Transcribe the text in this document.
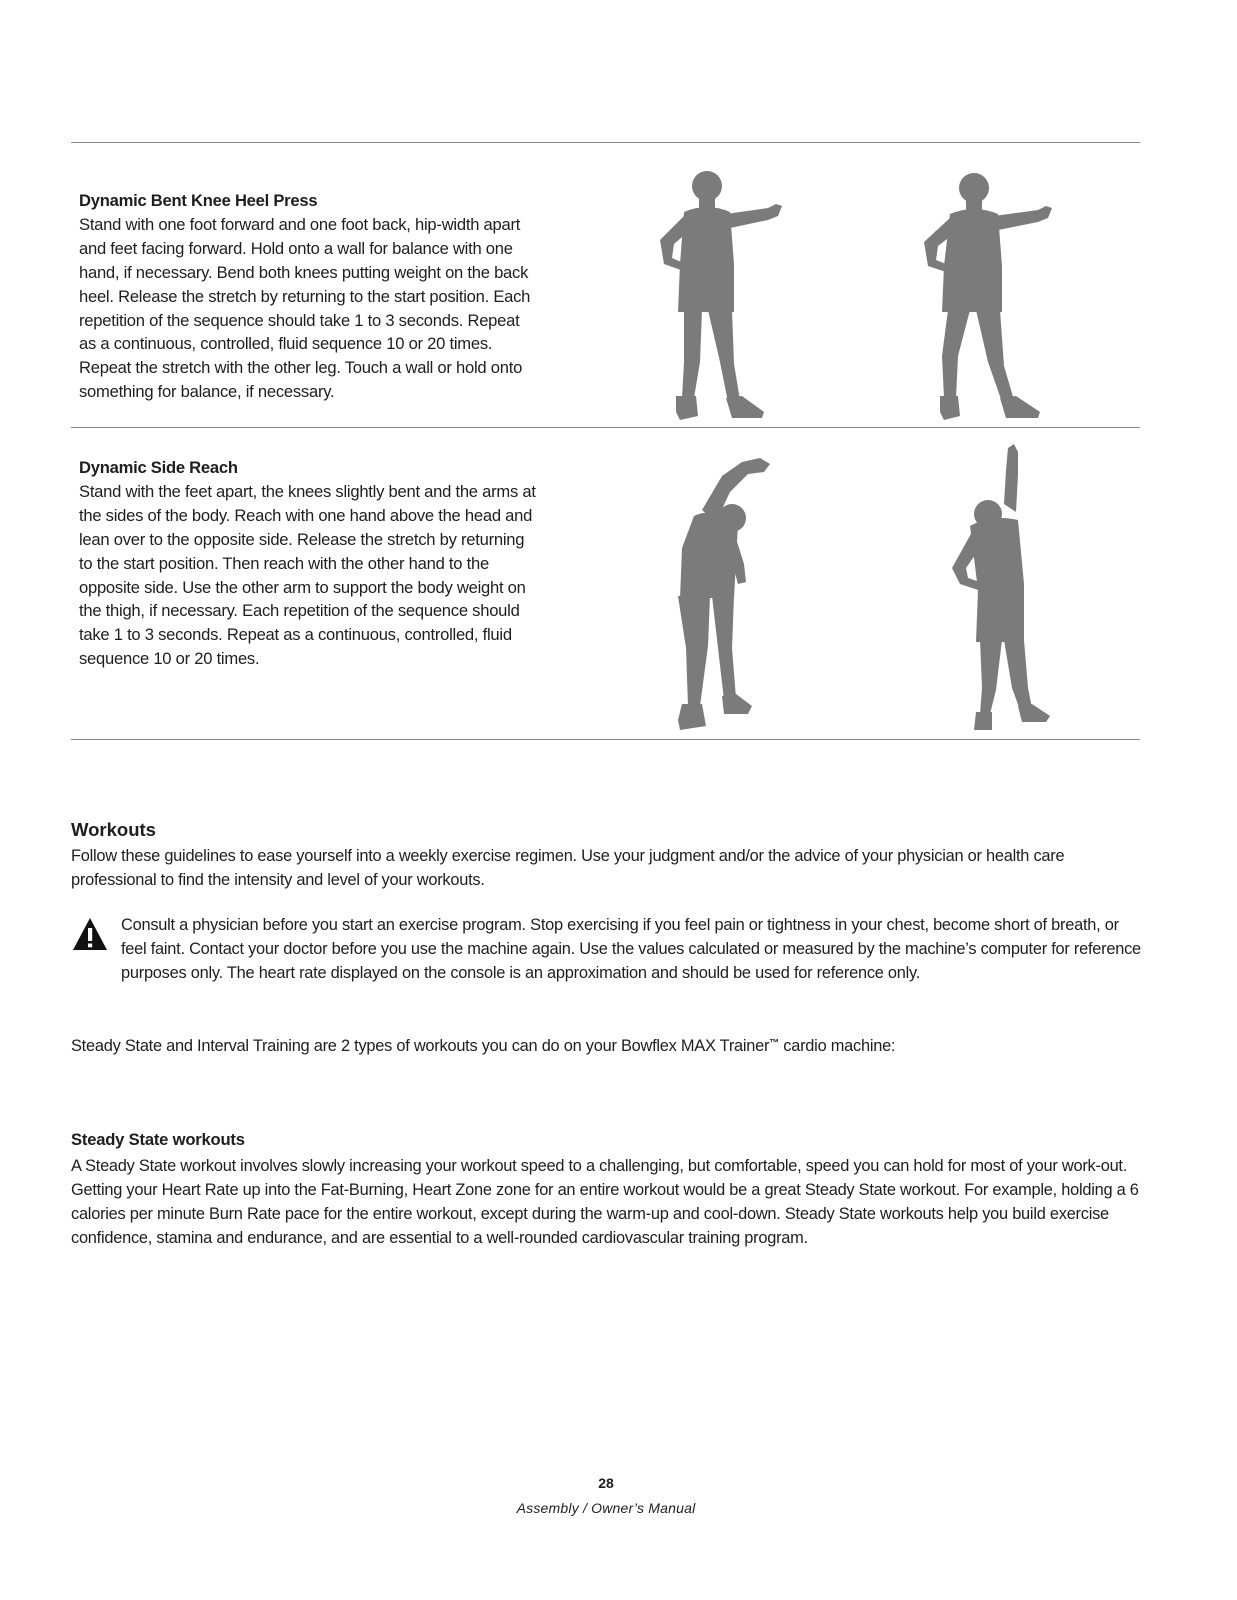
Dynamic Bent Knee Heel Press

Stand with one foot forward and one foot back, hip-width apart and feet facing forward. Hold onto a wall for balance with one hand, if necessary. Bend both knees putting weight on the back heel. Release the stretch by returning to the start position. Each repetition of the sequence should take 1 to 3 seconds. Repeat as a continuous, controlled, fluid sequence 10 or 20 times. Repeat the stretch with the other leg. Touch a wall or hold onto something for balance, if necessary.

Dynamic Side Reach

Stand with the feet apart, the knees slightly bent and the arms at the sides of the body. Reach with one hand above the head and lean over to the opposite side. Release the stretch by returning to the start position. Then reach with the other hand to the opposite side. Use the other arm to support the body weight on the thigh, if necessary. Each repetition of the sequence should take 1 to 3 seconds. Repeat as a continuous, controlled, fluid sequence 10 or 20 times.

Workouts

Follow these guidelines to ease yourself into a weekly exercise regimen. Use your judgment and/or the advice of your physician or health care professional to find the intensity and level of your workouts.

Consult a physician before you start an exercise program. Stop exercising if you feel pain or tightness in your chest, become short of breath, or feel faint. Contact your doctor before you use the machine again. Use the values calculated or measured by the machine’s computer for reference purposes only. The heart rate displayed on the console is an approximation and should be used for reference only.

Steady State and Interval Training are 2 types of workouts you can do on your Bowflex MAX Trainer™ cardio machine:

Steady State workouts

A Steady State workout involves slowly increasing your workout speed to a challenging, but comfortable, speed you can hold for most of your work-out. Getting your Heart Rate up into the Fat-Burning, Heart Zone zone for an entire workout would be a great Steady State workout. For example, holding a 6 calories per minute Burn Rate pace for the entire workout, except during the warm-up and cool-down. Steady State workouts help you build exercise confidence, stamina and endurance, and are essential to a well-rounded cardiovascular training program.

28
Assembly / Owner’s Manual
